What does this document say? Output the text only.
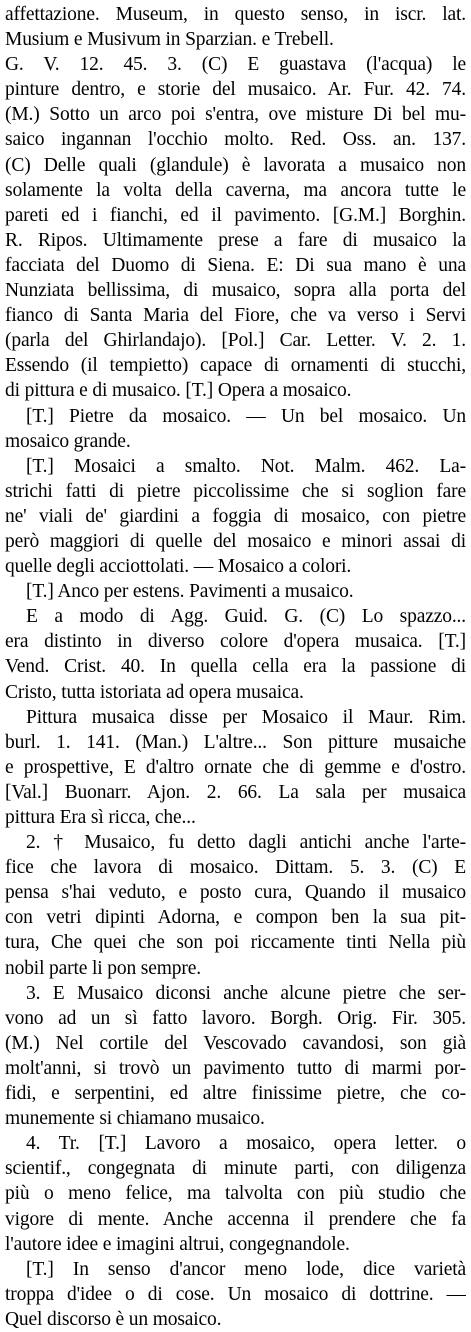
affettazione. Museum, in questo senso, in iscr. lat.
Musium e Musivum in Sparzian. e Trebell.
G. V. 12. 45. 3. (C) E guastava (l'acqua) le
pinture dentro, e storie del musaico. Ar. Fur. 42. 74.
(M.) Sotto un arco poi s'entra, ove misture Di bel mu-
saico ingannan l'occhio molto. Red. Oss. an. 137.
(C) Delle quali (glandule) è lavorata a musaico non
solamente la volta della caverna, ma ancora tutte le
pareti ed i fianchi, ed il pavimento. [G.M.] Borghin.
R. Ripos. Ultimamente prese a fare di musaico la
facciata del Duomo di Siena. E: Di sua mano è una
Nunziata bellissima, di musaico, sopra alla porta del
fianco di Santa Maria del Fiore, che va verso i Servi
(parla del Ghirlandajo). [Pol.] Car. Letter. V. 2. 1.
Essendo (il tempietto) capace di ornamenti di stucchi,
di pittura e di musaico. [T.] Opera a mosaico.
[T.] Pietre da mosaico. — Un bel mosaico. Un
mosaico grande.
[T.] Mosaici a smalto. Not. Malm. 462. La-
strichi fatti di pietre piccolissime che si soglion fare
ne' viali de' giardini a foggia di mosaico, con pietre
però maggiori di quelle del mosaico e minori assai di
quelle degli acciottolati. — Mosaico a colori.
[T.] Anco per estens. Pavimenti a musaico.
E a modo di Agg. Guid. G. (C) Lo spazzo...
era distinto in diverso colore d'opera musaica. [T.]
Vend. Crist. 40. In quella cella era la passione di
Cristo, tutta istoriata ad opera musaica.
Pittura musaica disse per Mosaico il Maur. Rim.
burl. 1. 141. (Man.) L'altre... Son pitture musaiche
e prospettive, E d'altro ornate che di gemme e d'ostro.
[Val.] Buonarr. Ajon. 2. 66. La sala per musaica
pittura Era sì ricca, che...
2. † Musaico, fu detto dagli antichi anche l'arte-
fice che lavora di mosaico. Dittam. 5. 3. (C) E
pensa s'hai veduto, e posto cura, Quando il musaico
con vetri dipinti Adorna, e compon ben la sua pit-
tura, Che quei che son poi riccamente tinti Nella più
nobil parte li pon sempre.
3. E Musaico diconsi anche alcune pietre che ser-
vono ad un sì fatto lavoro. Borgh. Orig. Fir. 305.
(M.) Nel cortile del Vescovado cavandosi, son già
molt'anni, si trovò un pavimento tutto di marmi por-
fidi, e serpentini, ed altre finissime pietre, che co-
munemente si chiamano musaico.
4. Tr. [T.] Lavoro a mosaico, opera letter. o
scientif., congegnata di minute parti, con diligenza
più o meno felice, ma talvolta con più studio che
vigore di mente. Anche accenna il prendere che fa
l'autore idee e imagini altrui, congegnandole.
[T.] In senso d'ancor meno lode, dice varietà
troppa d'idee o di cose. Un mosaico di dottrine. —
Quel discorso è un mosaico.
